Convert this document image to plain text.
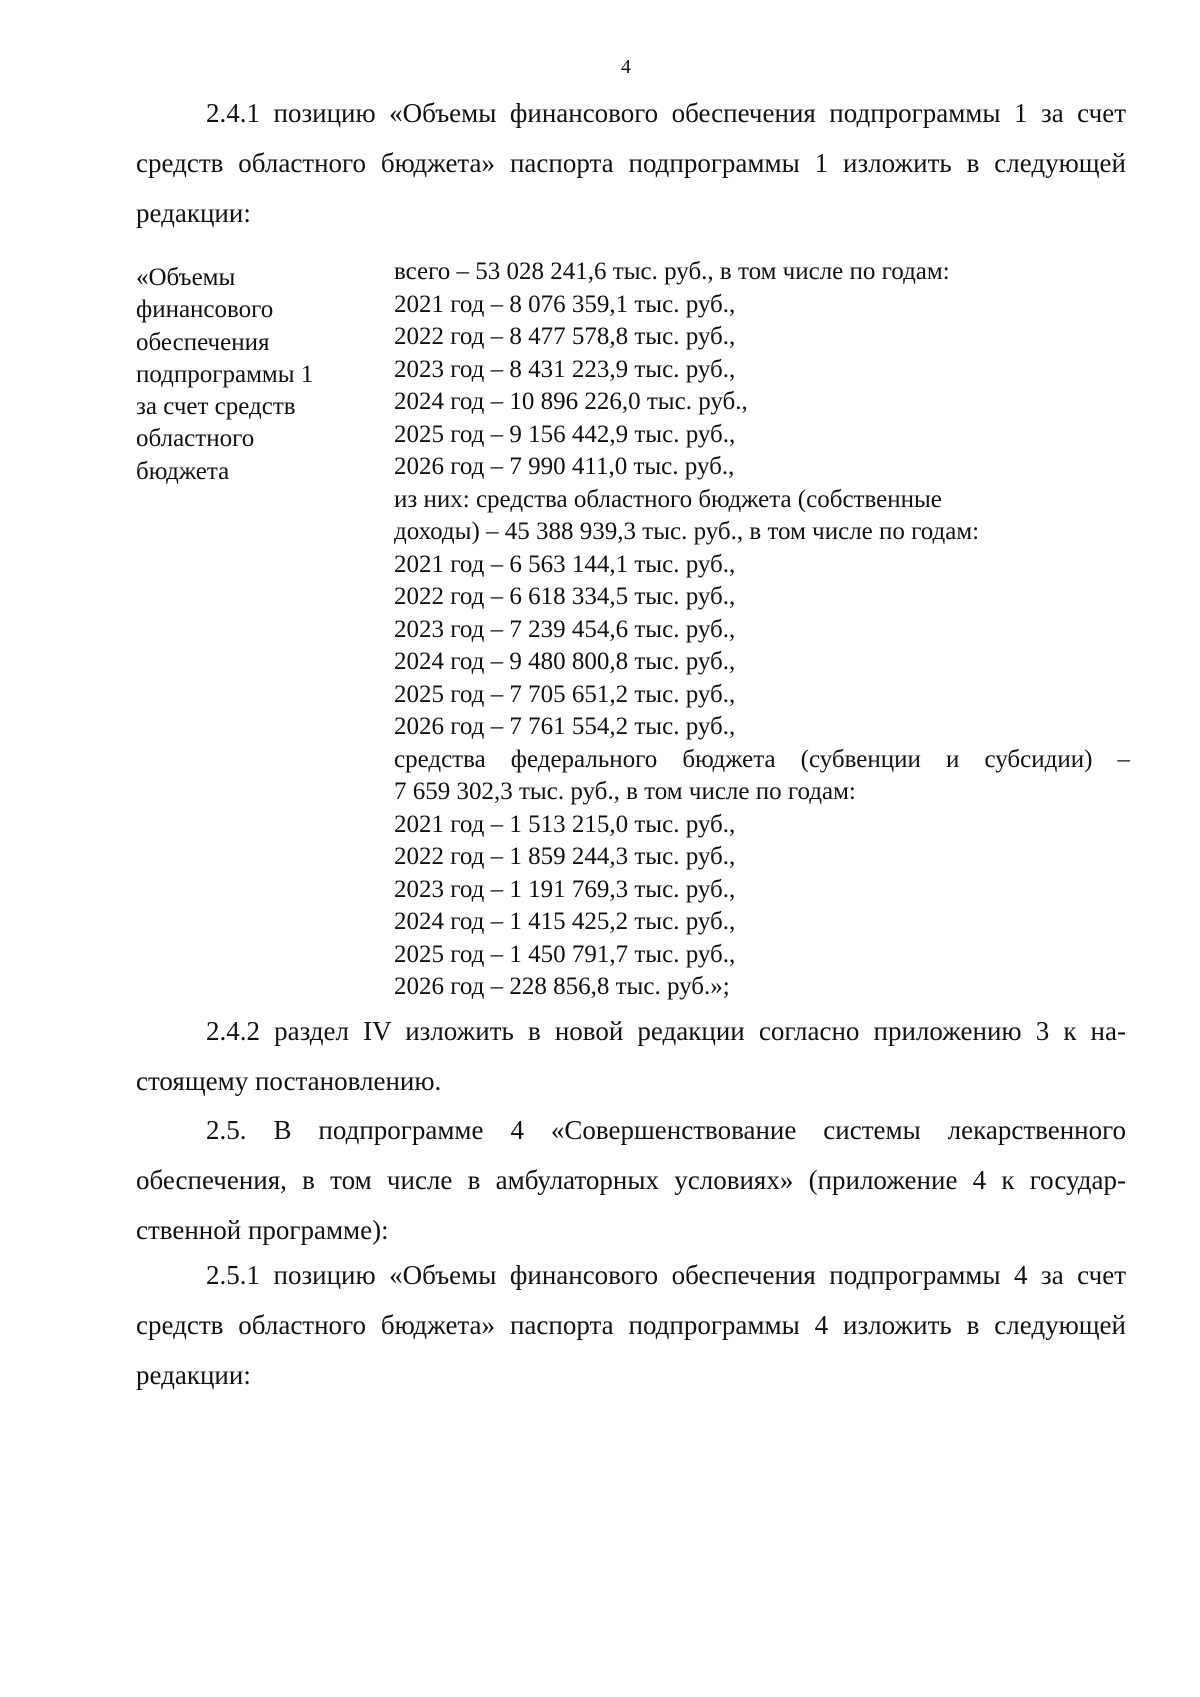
4

2.4.1 позицию «Объемы финансового обеспечения подпрограммы 1 за счет
средств областного бюджета» паспорта подпрограммы 1 изложить в следующей
редакции:

«Объемы
финансового
обеспечения
подпрограммы 1
за счет средств
областного
бюджета
всего – 53 028 241,6 тыс. руб., в том числе по годам:
2021 год – 8 076 359,1 тыс. руб.,
2022 год – 8 477 578,8 тыс. руб.,
2023 год – 8 431 223,9 тыс. руб.,
2024 год – 10 896 226,0 тыс. руб.,
2025 год – 9 156 442,9 тыс. руб.,
2026 год – 7 990 411,0 тыс. руб.,
из них: средства областного бюджета (собственные
доходы) – 45 388 939,3 тыс. руб., в том числе по годам:
2021 год – 6 563 144,1 тыс. руб.,
2022 год – 6 618 334,5 тыс. руб.,
2023 год – 7 239 454,6 тыс. руб.,
2024 год – 9 480 800,8 тыс. руб.,
2025 год – 7 705 651,2 тыс. руб.,
2026 год – 7 761 554,2 тыс. руб.,
средства федерального бюджета (субвенции и субсидии) –
7 659 302,3 тыс. руб., в том числе по годам:
2021 год – 1 513 215,0 тыс. руб.,
2022 год – 1 859 244,3 тыс. руб.,
2023 год – 1 191 769,3 тыс. руб.,
2024 год – 1 415 425,2 тыс. руб.,
2025 год – 1 450 791,7 тыс. руб.,
2026 год – 228 856,8 тыс. руб.»;

2.4.2 раздел IV изложить в новой редакции согласно приложению 3 к на-
стоящему постановлению.

2.5. В подпрограмме 4 «Совершенствование системы лекарственного
обеспечения, в том числе в амбулаторных условиях» (приложение 4 к государ-
ственной программе):

2.5.1 позицию «Объемы финансового обеспечения подпрограммы 4 за счет
средств областного бюджета» паспорта подпрограммы 4 изложить в следующей
редакции:
